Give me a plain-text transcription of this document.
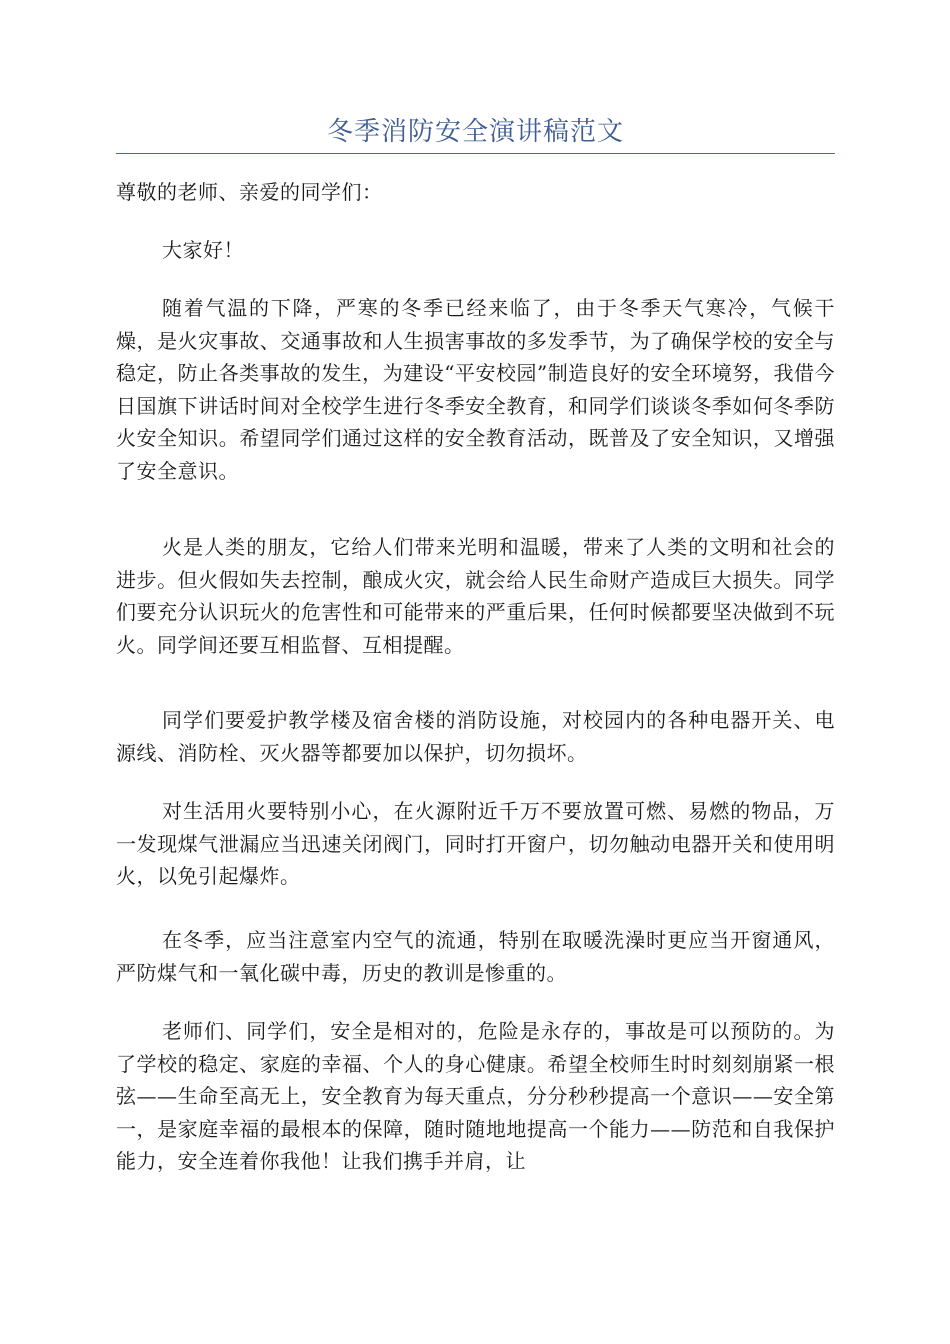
冬季消防安全演讲稿范文

尊敬的老师、亲爱的同学们：

大家好！

随着气温的下降，严寒的冬季已经来临了，由于冬季天气寒冷，气候干燥，是火灾事故、交通事故和人生损害事故的多发季节，为了确保学校的安全与稳定，防止各类事故的发生，为建设“平安校园”制造良好的安全环境努，我借今日国旗下讲话时间对全校学生进行冬季安全教育，和同学们谈谈冬季如何冬季防火安全知识。希望同学们通过这样的安全教育活动，既普及了安全知识，又增强了安全意识。

火是人类的朋友，它给人们带来光明和温暖，带来了人类的文明和社会的进步。但火假如失去控制，酿成火灾，就会给人民生命财产造成巨大损失。同学们要充分认识玩火的危害性和可能带来的严重后果，任何时候都要坚决做到不玩火。同学间还要互相监督、互相提醒。

同学们要爱护教学楼及宿舍楼的消防设施，对校园内的各种电器开关、电源线、消防栓、灭火器等都要加以保护，切勿损坏。

对生活用火要特别小心，在火源附近千万不要放置可燃、易燃的物品，万一发现煤气泄漏应当迅速关闭阀门，同时打开窗户，切勿触动电器开关和使用明火，以免引起爆炸。

在冬季，应当注意室内空气的流通，特别在取暖洗澡时更应当开窗通风，严防煤气和一氧化碳中毒，历史的教训是惨重的。

老师们、同学们，安全是相对的，危险是永存的，事故是可以预防的。为了学校的稳定、家庭的幸福、个人的身心健康。希望全校师生时时刻刻崩紧一根弦——生命至高无上，安全教育为每天重点，分分秒秒提高一个意识——安全第一，是家庭幸福的最根本的保障，随时随地地提高一个能力——防范和自我保护能力，安全连着你我他！让我们携手并肩，让
